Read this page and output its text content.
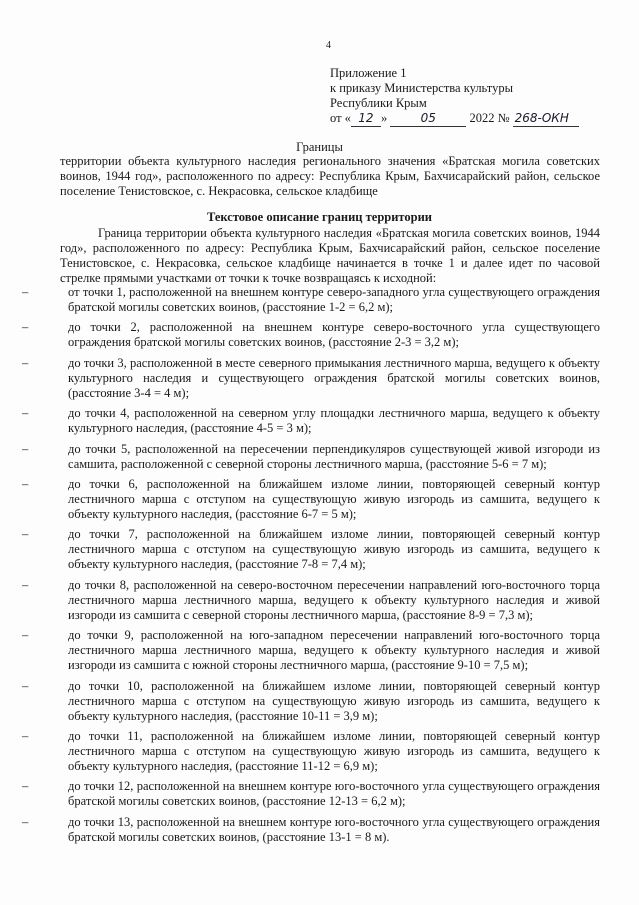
4
Приложение 1
к приказу Министерства культуры
Республики Крым
от « 12 »	05	2022 № 268-ОКН
Границы
территории объекта культурного наследия регионального значения «Братская могила советских воинов, 1944 год», расположенного по адресу: Республика Крым, Бахчисарайский район, сельское поселение Тенистовское, с. Некрасовка, сельское кладбище
Текстовое описание границ территории
Граница территории объекта культурного наследия «Братская могила советских воинов, 1944 год», расположенного по адресу: Республика Крым, Бахчисарайский район, сельское поселение Тенистовское, с. Некрасовка, сельское кладбище начинается в точке 1 и далее идет по часовой стрелке прямыми участками от точки к точке возвращаясь к исходной:
–	от точки 1, расположенной на внешнем контуре северо-западного угла существующего ограждения братской могилы советских воинов, (расстояние 1-2 = 6,2 м);
–	до точки 2, расположенной на внешнем контуре северо-восточного угла существующего ограждения братской могилы советских воинов, (расстояние 2-3 = 3,2 м);
–	до точки 3, расположенной в месте северного примыкания лестничного марша, ведущего к объекту культурного наследия и существующего ограждения братской могилы советских воинов, (расстояние 3-4 = 4 м);
–	до точки 4, расположенной на северном углу площадки лестничного марша, ведущего к объекту культурного наследия, (расстояние 4-5 = 3 м);
–	до точки 5, расположенной на пересечении перпендикуляров существующей живой изгороди из самшита, расположенной с северной стороны лестничного марша, (расстояние 5-6 = 7 м);
–	до точки 6, расположенной на ближайшем изломе линии, повторяющей северный контур лестничного марша с отступом на существующую живую изгородь из самшита, ведущего к объекту культурного наследия, (расстояние 6-7 = 5 м);
–	до точки 7, расположенной на ближайшем изломе линии, повторяющей северный контур лестничного марша с отступом на существующую живую изгородь из самшита, ведущего к объекту культурного наследия, (расстояние 7-8 = 7,4 м);
–	до точки 8, расположенной на северо-восточном пересечении направлений юго-восточного торца лестничного марша лестничного марша, ведущего к объекту культурного наследия и живой изгороди из самшита с северной стороны лестничного марша, (расстояние 8-9 = 7,3 м);
–	до точки 9, расположенной на юго-западном пересечении направлений юго-восточного торца лестничного марша лестничного марша, ведущего к объекту культурного наследия и живой изгороди из самшита с южной стороны лестничного марша, (расстояние 9-10 = 7,5 м);
–	до точки 10, расположенной на ближайшем изломе линии, повторяющей северный контур лестничного марша с отступом на существующую живую изгородь из самшита, ведущего к объекту культурного наследия, (расстояние 10-11 = 3,9 м);
–	до точки 11, расположенной на ближайшем изломе линии, повторяющей северный контур лестничного марша с отступом на существующую живую изгородь из самшита, ведущего к объекту культурного наследия, (расстояние 11-12 = 6,9 м);
–	до точки 12, расположенной на внешнем контуре юго-восточного угла существующего ограждения братской могилы советских воинов, (расстояние 12-13 = 6,2 м);
–	до точки 13, расположенной на внешнем контуре юго-восточного угла существующего ограждения братской могилы советских воинов, (расстояние 13-1 = 8 м).
